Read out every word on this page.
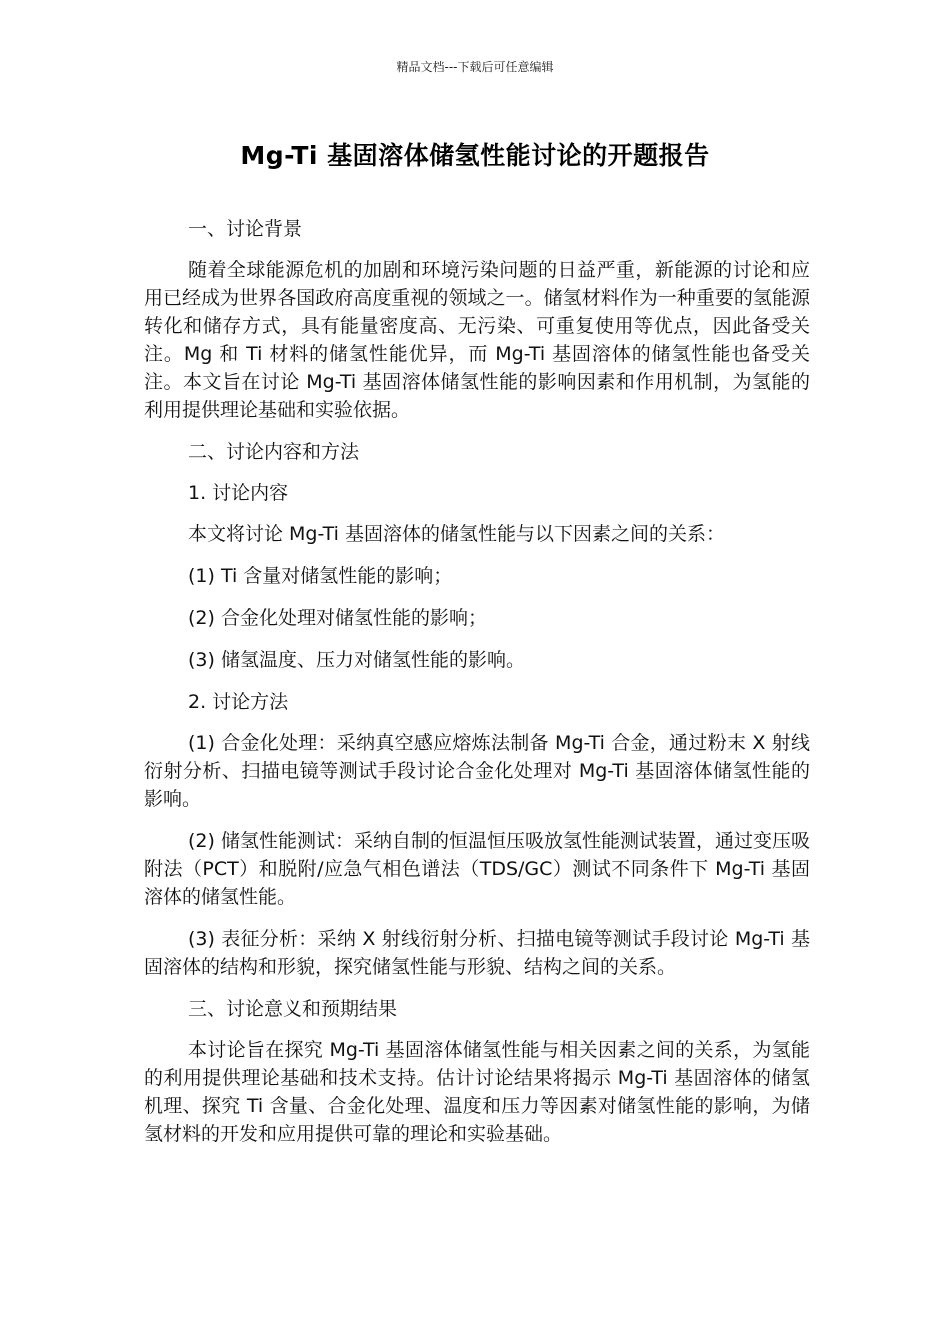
精品文档---下载后可任意编辑
Mg-Ti 基固溶体储氢性能讨论的开题报告

一、讨论背景

随着全球能源危机的加剧和环境污染问题的日益严重，新能源的讨论和应用已经成为世界各国政府高度重视的领域之一。储氢材料作为一种重要的氢能源转化和储存方式，具有能量密度高、无污染、可重复使用等优点，因此备受关注。Mg 和 Ti 材料的储氢性能优异，而 Mg-Ti 基固溶体的储氢性能也备受关注。本文旨在讨论 Mg-Ti 基固溶体储氢性能的影响因素和作用机制，为氢能的利用提供理论基础和实验依据。

二、讨论内容和方法

1. 讨论内容

本文将讨论 Mg-Ti 基固溶体的储氢性能与以下因素之间的关系：

(1) Ti 含量对储氢性能的影响；

(2) 合金化处理对储氢性能的影响；

(3) 储氢温度、压力对储氢性能的影响。

2. 讨论方法

(1) 合金化处理：采纳真空感应熔炼法制备 Mg-Ti 合金，通过粉末 X 射线衍射分析、扫描电镜等测试手段讨论合金化处理对 Mg-Ti 基固溶体储氢性能的影响。

(2) 储氢性能测试：采纳自制的恒温恒压吸放氢性能测试装置，通过变压吸附法（PCT）和脱附/应急气相色谱法（TDS/GC）测试不同条件下 Mg-Ti 基固溶体的储氢性能。

(3) 表征分析：采纳 X 射线衍射分析、扫描电镜等测试手段讨论 Mg-Ti 基固溶体的结构和形貌，探究储氢性能与形貌、结构之间的关系。

三、讨论意义和预期结果

本讨论旨在探究 Mg-Ti 基固溶体储氢性能与相关因素之间的关系，为氢能的利用提供理论基础和技术支持。估计讨论结果将揭示 Mg-Ti 基固溶体的储氢机理、探究 Ti 含量、合金化处理、温度和压力等因素对储氢性能的影响，为储氢材料的开发和应用提供可靠的理论和实验基础。
